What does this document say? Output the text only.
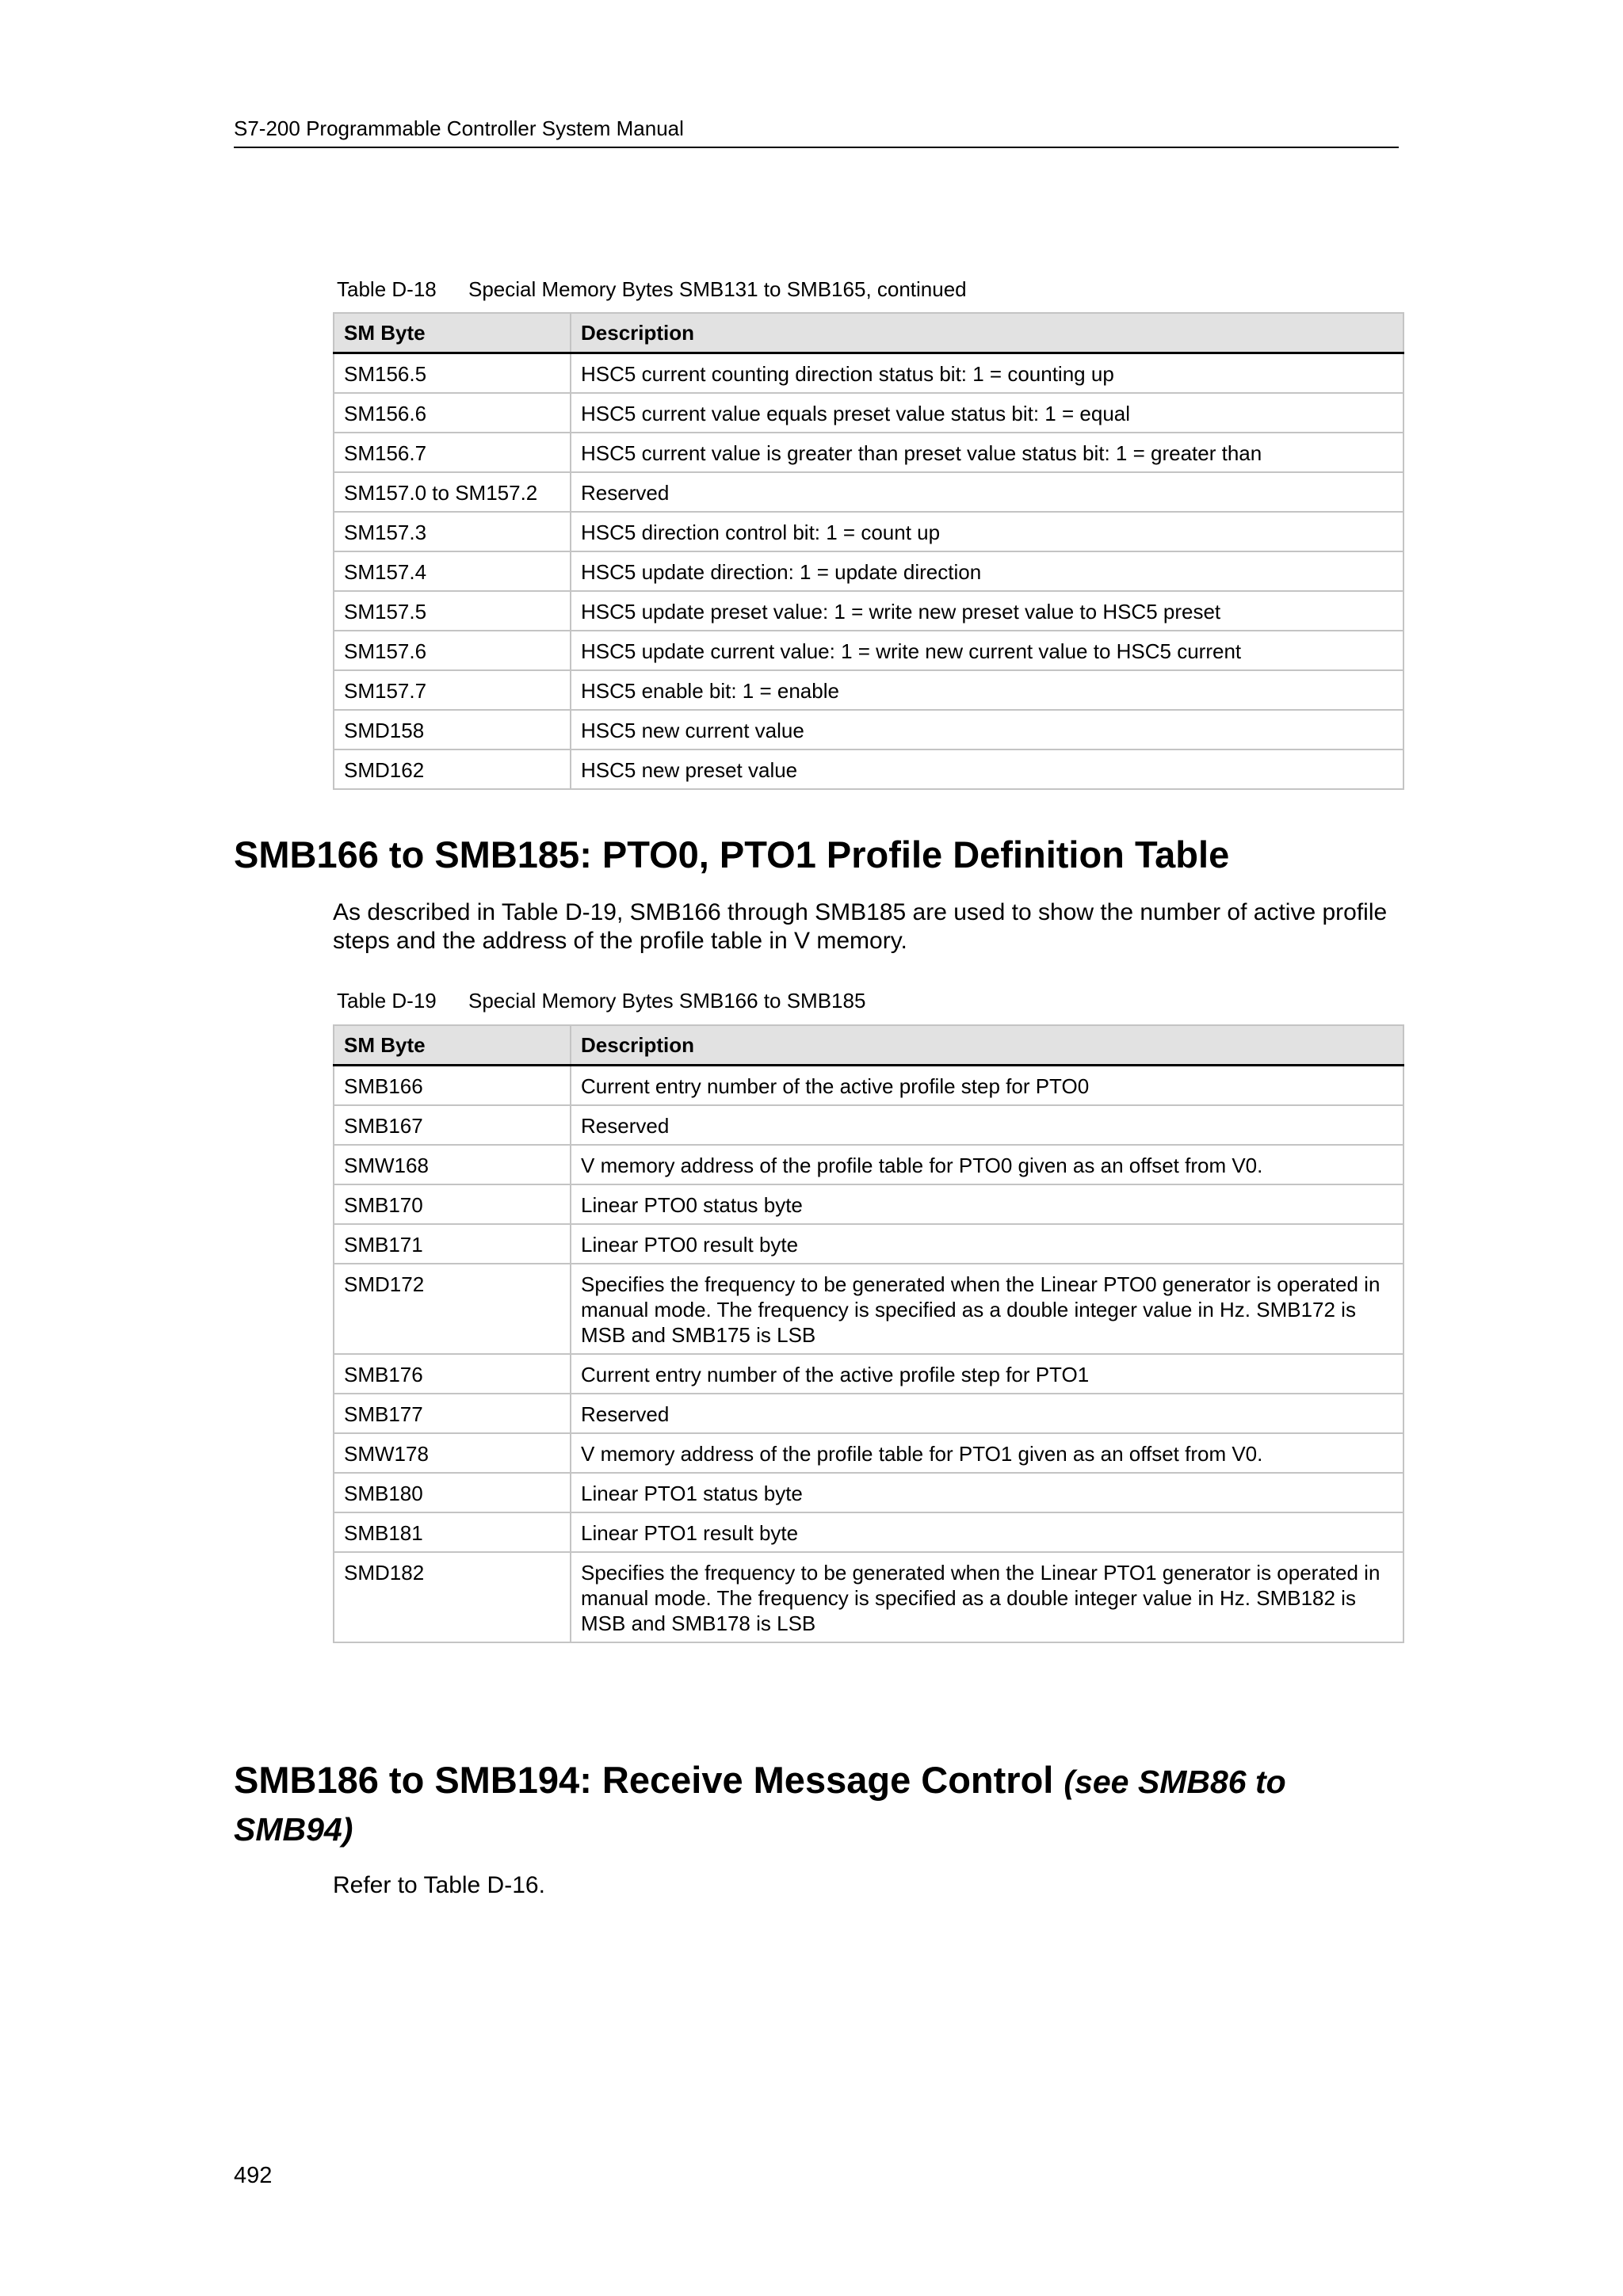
S7-200 Programmable Controller System Manual
Table D-18 Special Memory Bytes SMB131 to SMB165, continued
SM Byte	Description
SM156.5	HSC5 current counting direction status bit: 1 = counting up
SM156.6	HSC5 current value equals preset value status bit: 1 = equal
SM156.7	HSC5 current value is greater than preset value status bit: 1 = greater than
SM157.0 to SM157.2	Reserved
SM157.3	HSC5 direction control bit: 1 = count up
SM157.4	HSC5 update direction: 1 = update direction
SM157.5	HSC5 update preset value: 1 = write new preset value to HSC5 preset
SM157.6	HSC5 update current value: 1 = write new current value to HSC5 current
SM157.7	HSC5 enable bit: 1 = enable
SMD158	HSC5 new current value
SMD162	HSC5 new preset value
SMB166 to SMB185: PTO0, PTO1 Profile Definition Table
As described in Table D-19, SMB166 through SMB185 are used to show the number of active profile steps and the address of the profile table in V memory.
Table D-19 Special Memory Bytes SMB166 to SMB185
SM Byte	Description
SMB166	Current entry number of the active profile step for PTO0
SMB167	Reserved
SMW168	V memory address of the profile table for PTO0 given as an offset from V0.
SMB170	Linear PTO0 status byte
SMB171	Linear PTO0 result byte
SMD172	Specifies the frequency to be generated when the Linear PTO0 generator is operated in manual mode. The frequency is specified as a double integer value in Hz. SMB172 is MSB and SMB175 is LSB
SMB176	Current entry number of the active profile step for PTO1
SMB177	Reserved
SMW178	V memory address of the profile table for PTO1 given as an offset from V0.
SMB180	Linear PTO1 status byte
SMB181	Linear PTO1 result byte
SMD182	Specifies the frequency to be generated when the Linear PTO1 generator is operated in manual mode. The frequency is specified as a double integer value in Hz. SMB182 is MSB and SMB178 is LSB
SMB186 to SMB194: Receive Message Control (see SMB86 to SMB94)
Refer to Table D-16.
492
